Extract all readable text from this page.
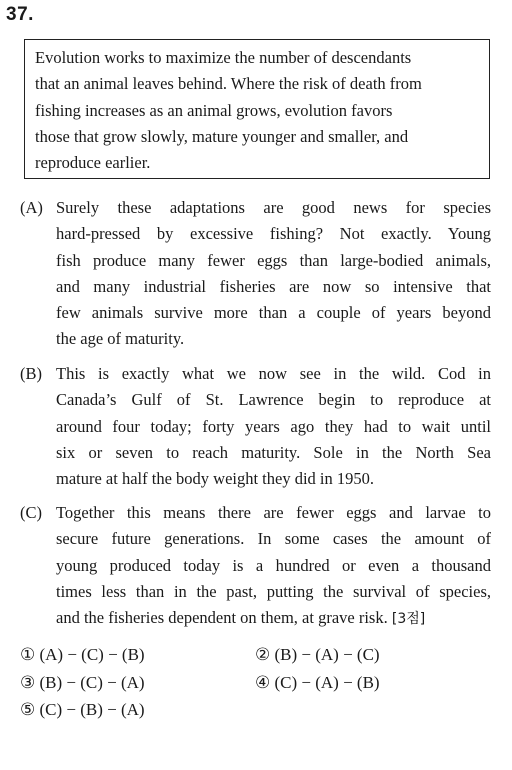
37.
Evolution works to maximize the number of descendants
that an animal leaves behind. Where the risk of death from
fishing increases as an animal grows, evolution favors
those that grow slowly, mature younger and smaller, and
reproduce earlier.
(A) Surely these adaptations are good news for species
hard-pressed by excessive fishing? Not exactly. Young
fish produce many fewer eggs than large-bodied animals,
and many industrial fisheries are now so intensive that
few animals survive more than a couple of years beyond
the age of maturity.
(B) This is exactly what we now see in the wild. Cod in
Canada’s Gulf of St. Lawrence begin to reproduce at
around four today; forty years ago they had to wait until
six or seven to reach maturity. Sole in the North Sea
mature at half the body weight they did in 1950.
(C) Together this means there are fewer eggs and larvae to
secure future generations. In some cases the amount of
young produced today is a hundred or even a thousand
times less than in the past, putting the survival of species,
and the fisheries dependent on them, at grave risk. [3점]
① (A) − (C) − (B)	② (B) − (A) − (C)
③ (B) − (C) − (A)	④ (C) − (A) − (B)
⑤ (C) − (B) − (A)
